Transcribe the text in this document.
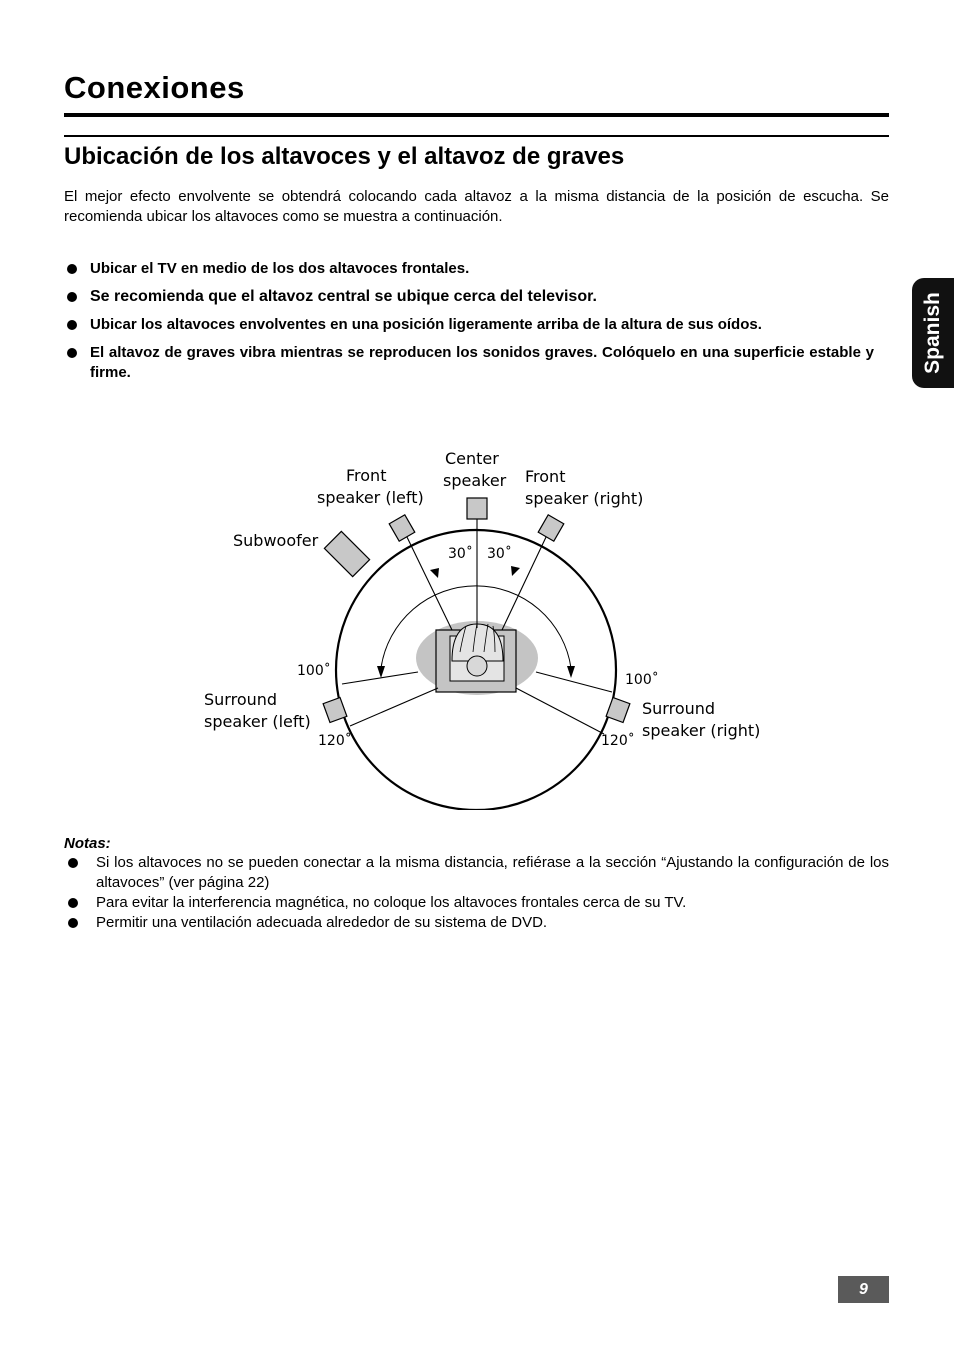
Conexiones
Ubicación de los altavoces y el altavoz de graves

El mejor efecto envolvente se obtendrá colocando cada altavoz a la misma distancia de la posición de escucha. Se recomienda ubicar los altavoces como se muestra a continuación.

Ubicar el TV en medio de los dos altavoces frontales.
Se recomienda que el altavoz central se ubique cerca del televisor.
Ubicar los altavoces envolventes en una posición ligeramente arriba de la altura de sus oídos.
El altavoz de graves vibra mientras se reproducen los sonidos graves. Colóquelo en una superficie estable y firme.	Spanish
Center
speaker
Front
speaker (left)
Front
speaker (right)
Subwoofer
Surround
speaker (left)
Surround
speaker (right)
30˚ 30˚
100˚
100˚
120˚	120˚

Notas:

Si los altavoces no se pueden conectar a la misma distancia, refiérase a la sección “Ajustando la configuración de los altavoces” (ver página 22)
Para evitar la interferencia magnética, no coloque los altavoces frontales cerca de su TV.
Permitir una ventilación adecuada alrededor de su sistema de DVD.
9
